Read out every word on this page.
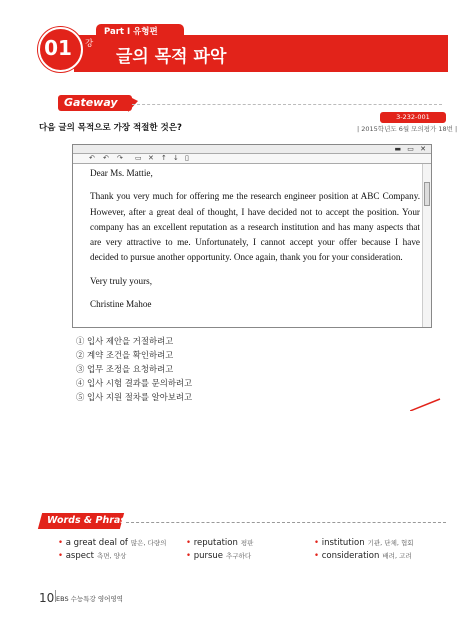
Part Ⅰ 유형편
01	강
글의 목적 파악
Gateway
3-232-001
| 2015학년도 6월 모의평가 18번 |
다음 글의 목적으로 가장 적절한 것은?
▬ ▭ ✕
↶ ↶ ↷ ▭ ✕ ↑ ↓ ▯

Dear Ms. Mattie,

Thank you very much for offering me the research engineer position at ABC Company. However, after a great deal of thought, I have decided not to accept the position. Your company has an excellent reputation as a research institution and has many aspects that are very attractive to me. Unfortunately, I cannot accept your offer because I have decided to pursue another opportunity. Once again, thank you for your consideration.

Very truly yours,

Christine Mahoe

① 입사 제안을 거절하려고
② 계약 조건을 확인하려고
③ 업무 조정을 요청하려고
④ 입사 시험 결과를 문의하려고
⑤ 입사 지원 절차를 알아보려고
Words & Phrases
• a great deal of 많은, 다량의 • reputation 평판	• institution 기관, 단체, 협회
• aspect 측면, 양상	• pursue 추구하다	• consideration 배려, 고려
10 EBS 수능특강 영어영역
